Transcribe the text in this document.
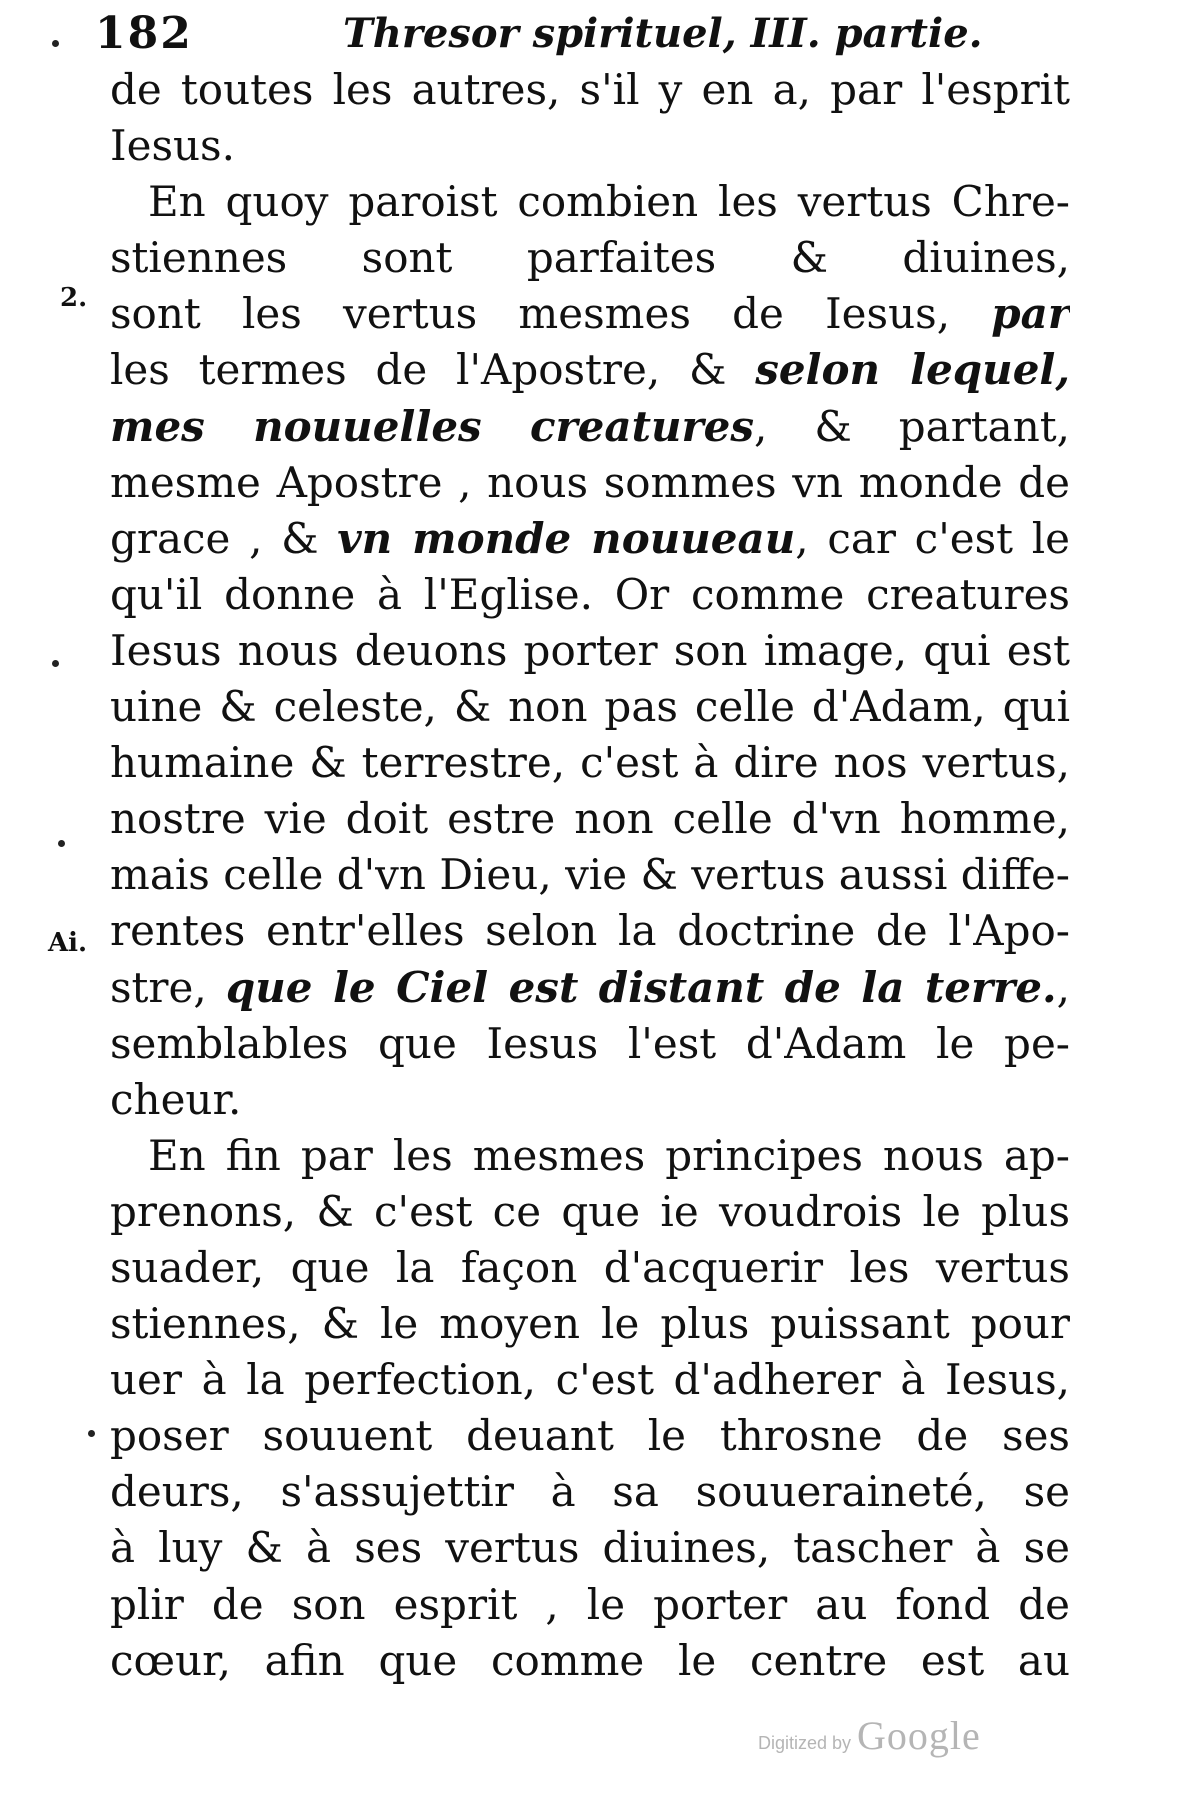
182	Thresor spirituel, III. partie.
de toutes les autres, s'il y en a, par l'esprit
Iesus.
En quoy paroist combien les vertus Chre-
stiennes sont parfaites & diuines,
sont les vertus mesmes de Iesus, par
les termes de l'Apostre, & selon lequel,
mes nouuelles creatures, & partant,
mesme Apostre , nous sommes vn monde de
grace , & vn monde nouueau, car c'est le
qu'il donne à l'Eglise. Or comme creatures
Iesus nous deuons porter son image, qui est
uine & celeste, & non pas celle d'Adam, qui
humaine & terrestre, c'est à dire nos vertus,
nostre vie doit estre non celle d'vn homme,
mais celle d'vn Dieu, vie & vertus aussi diffe-
rentes entr'elles selon la doctrine de l'Apo-
stre, que le Ciel est distant de la terre.,
semblables que Iesus l'est d'Adam le pe-
cheur.
En fin par les mesmes principes nous ap-
prenons, & c'est ce que ie voudrois le plus
suader, que la façon d'acquerir les vertus
stiennes, & le moyen le plus puissant pour
uer à la perfection, c'est d'adherer à Iesus,
poser souuent deuant le throsne de ses
deurs, s'assujettir à sa souueraineté, se
à luy & à ses vertus diuines, tascher à se
plir de son esprit , le porter au fond de
cœur, afin que comme le centre est au
2.
Ai.
Digitized by Google
